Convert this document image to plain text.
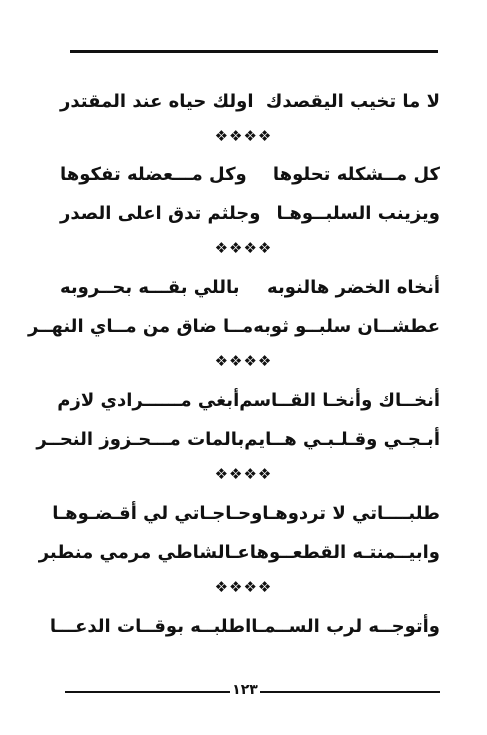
لا ما تخيب اليقصدك
اولك حياه عند المقتدر
❖❖❖❖
كل مــشكله تحلوها
وكل مـــعضله تفكوها
ويزينب السلبــوهـا
وجلثم تدق اعلى الصدر
❖❖❖❖
أنخاه الخضر هالنوبه
باللي بقـــه بحــروبه
عطشــان سلبــو ثوبه
مــا ضاق من مــاي النهــر
❖❖❖❖
أنخــاك وأنخـا القــاسم
أبغي مــــــرادي لازم
أبـجـي وقـلـبـي هــايم
بالمات مـــحـزوز النحــر
❖❖❖❖
طلبــــاتي لا تردوهـا
وحـاجـاتي لي أقـضـوهـا
وابيــمنتـه القطعــوها
عـالشاطي مرمي منطبر
❖❖❖❖
وأتوجــه لرب الســمـا
اطلبــه بوقــات الدعـــا
١٢٣
